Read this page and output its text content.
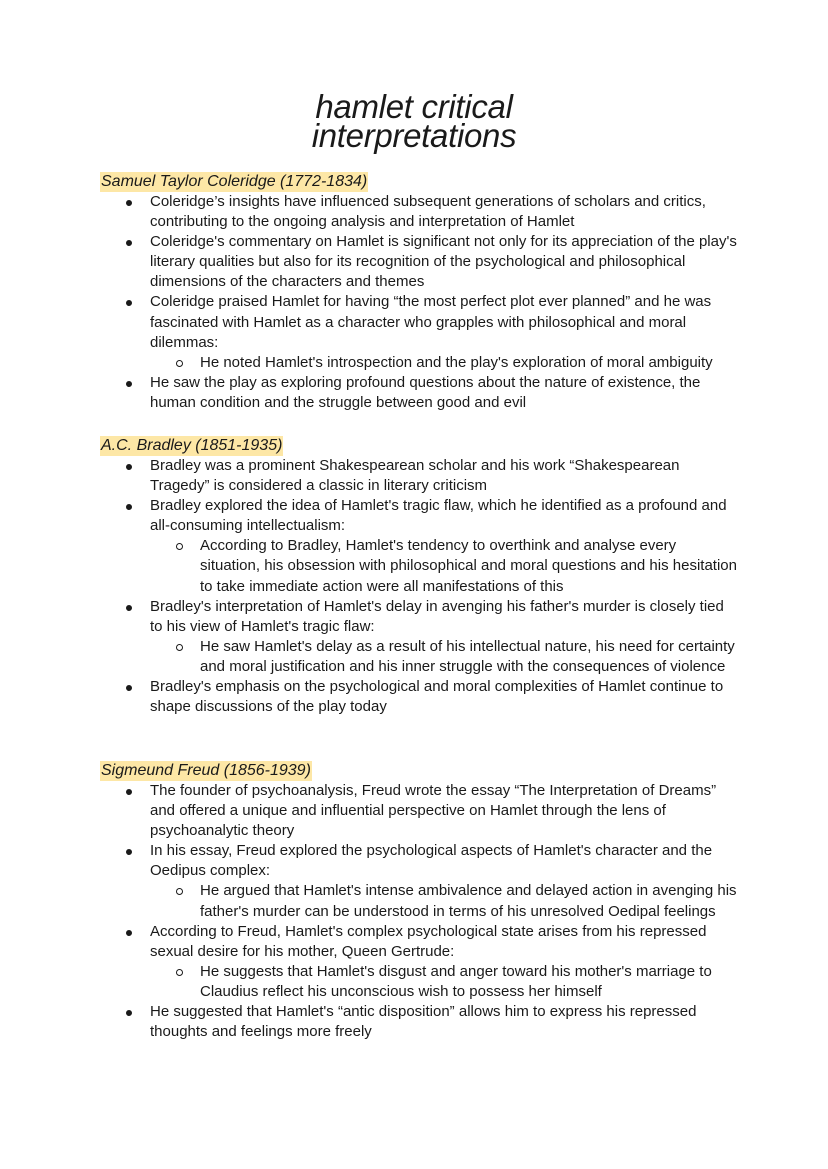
hamlet critical
interpretations
Samuel Taylor Coleridge (1772-1834)
Coleridge’s insights have influenced subsequent generations of scholars and critics, contributing to the ongoing analysis and interpretation of Hamlet
Coleridge's commentary on Hamlet is significant not only for its appreciation of the play's literary qualities but also for its recognition of the psychological and philosophical dimensions of the characters and themes
Coleridge praised Hamlet for having “the most perfect plot ever planned” and he was fascinated with Hamlet as a character who grapples with philosophical and moral dilemmas:
He noted Hamlet's introspection and the play's exploration of moral ambiguity
He saw the play as exploring profound questions about the nature of existence, the human condition and the struggle between good and evil
A.C. Bradley (1851-1935)
Bradley was a prominent Shakespearean scholar and his work “Shakespearean Tragedy” is considered a classic in literary criticism
Bradley explored the idea of Hamlet's tragic flaw, which he identified as a profound and all-consuming intellectualism:
According to Bradley, Hamlet's tendency to overthink and analyse every situation, his obsession with philosophical and moral questions and his hesitation to take immediate action were all manifestations of this
Bradley's interpretation of Hamlet's delay in avenging his father's murder is closely tied to his view of Hamlet's tragic flaw:
He saw Hamlet's delay as a result of his intellectual nature, his need for certainty and moral justification and his inner struggle with the consequences of violence
Bradley's emphasis on the psychological and moral complexities of Hamlet continue to shape discussions of the play today
Sigmeund Freud (1856-1939)
The founder of psychoanalysis, Freud wrote the essay “The Interpretation of Dreams” and offered a unique and influential perspective on Hamlet through the lens of psychoanalytic theory
In his essay, Freud explored the psychological aspects of Hamlet's character and the Oedipus complex:
He argued that Hamlet's intense ambivalence and delayed action in avenging his father's murder can be understood in terms of his unresolved Oedipal feelings
According to Freud, Hamlet's complex psychological state arises from his repressed sexual desire for his mother, Queen Gertrude:
He suggests that Hamlet's disgust and anger toward his mother's marriage to Claudius reflect his unconscious wish to possess her himself
He suggested that Hamlet's “antic disposition” allows him to express his repressed thoughts and feelings more freely
